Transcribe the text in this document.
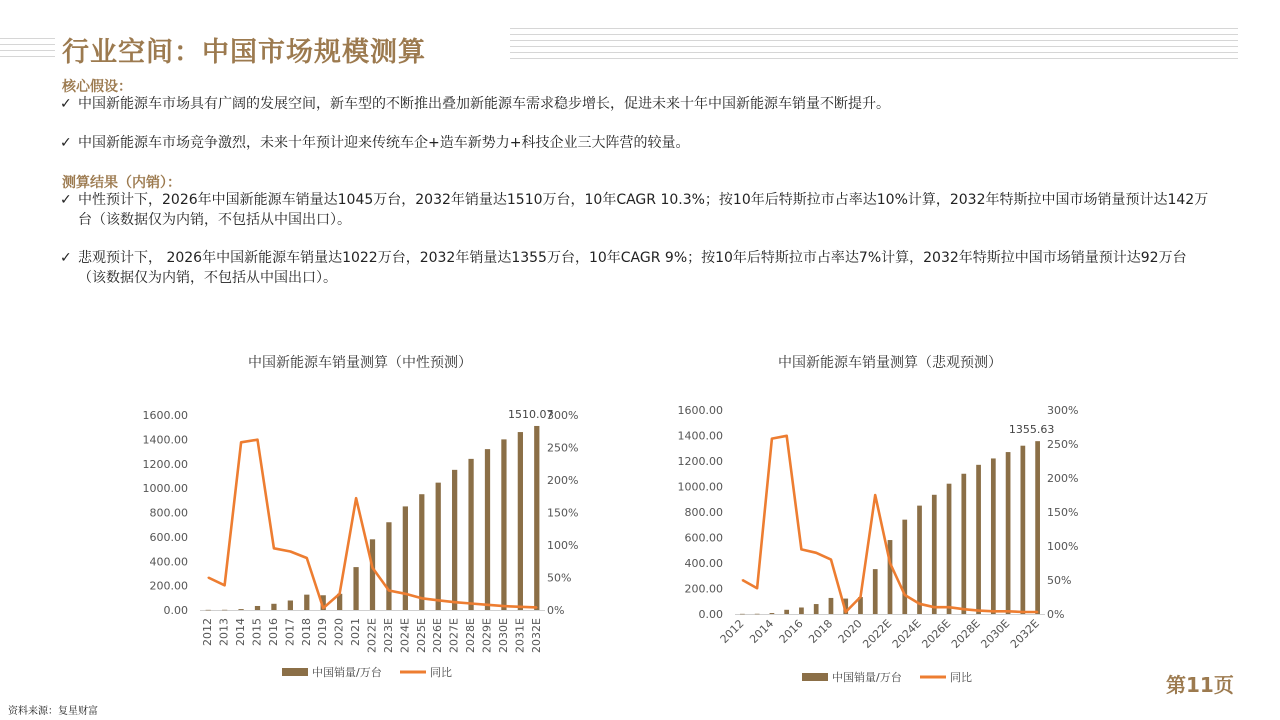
行业空间：中国市场规模测算
核心假设：
✓ 中国新能源车市场具有广阔的发展空间，新车型的不断推出叠加新能源车需求稳步增长，促进未来十年中国新能源车销量不断提升。
✓ 中国新能源车市场竞争激烈，未来十年预计迎来传统车企+造车新势力+科技企业三大阵营的较量。
测算结果（内销）：
✓ 中性预计下，2026年中国新能源车销量达1045万台，2032年销量达1510万台，10年CAGR 10.3%；按10年后特斯拉市占率达10%计算，2032年特斯拉中国市场销量预计达142万台（该数据仅为内销，不包括从中国出口）。
✓ 悲观预计下， 2026年中国新能源车销量达1022万台，2032年销量达1355万台，10年CAGR 9%；按10年后特斯拉市占率达7%计算，2032年特斯拉中国市场销量预计达92万台（该数据仅为内销，不包括从中国出口）。
中国新能源车销量测算（中性预测）
0.00
200.00
400.00
600.00
800.00
1000.00
1200.00
1400.00
1600.00
0%
50%
100%
150%
200%
250%
300%
1510.07
2012 2013 2014 2015 2016 2017 2018 2019 2020 2021 2022E 2023E 2024E 2025E 2026E 2027E 2028E 2029E 2030E 2031E 2032E
中国销量/万台	同比
中国新能源车销量测算（悲观预测）
0.00
200.00
400.00
600.00
800.00
1000.00
1200.00
1400.00
1600.00
0%
50%
100%
150%
200%
250%
300%
1355.63
2012 2014 2016 2018 2020
2022E
2024E
2026E
2028E
2030E
2032E
中国销量/万台	同比
资料来源：复星财富
第11页
